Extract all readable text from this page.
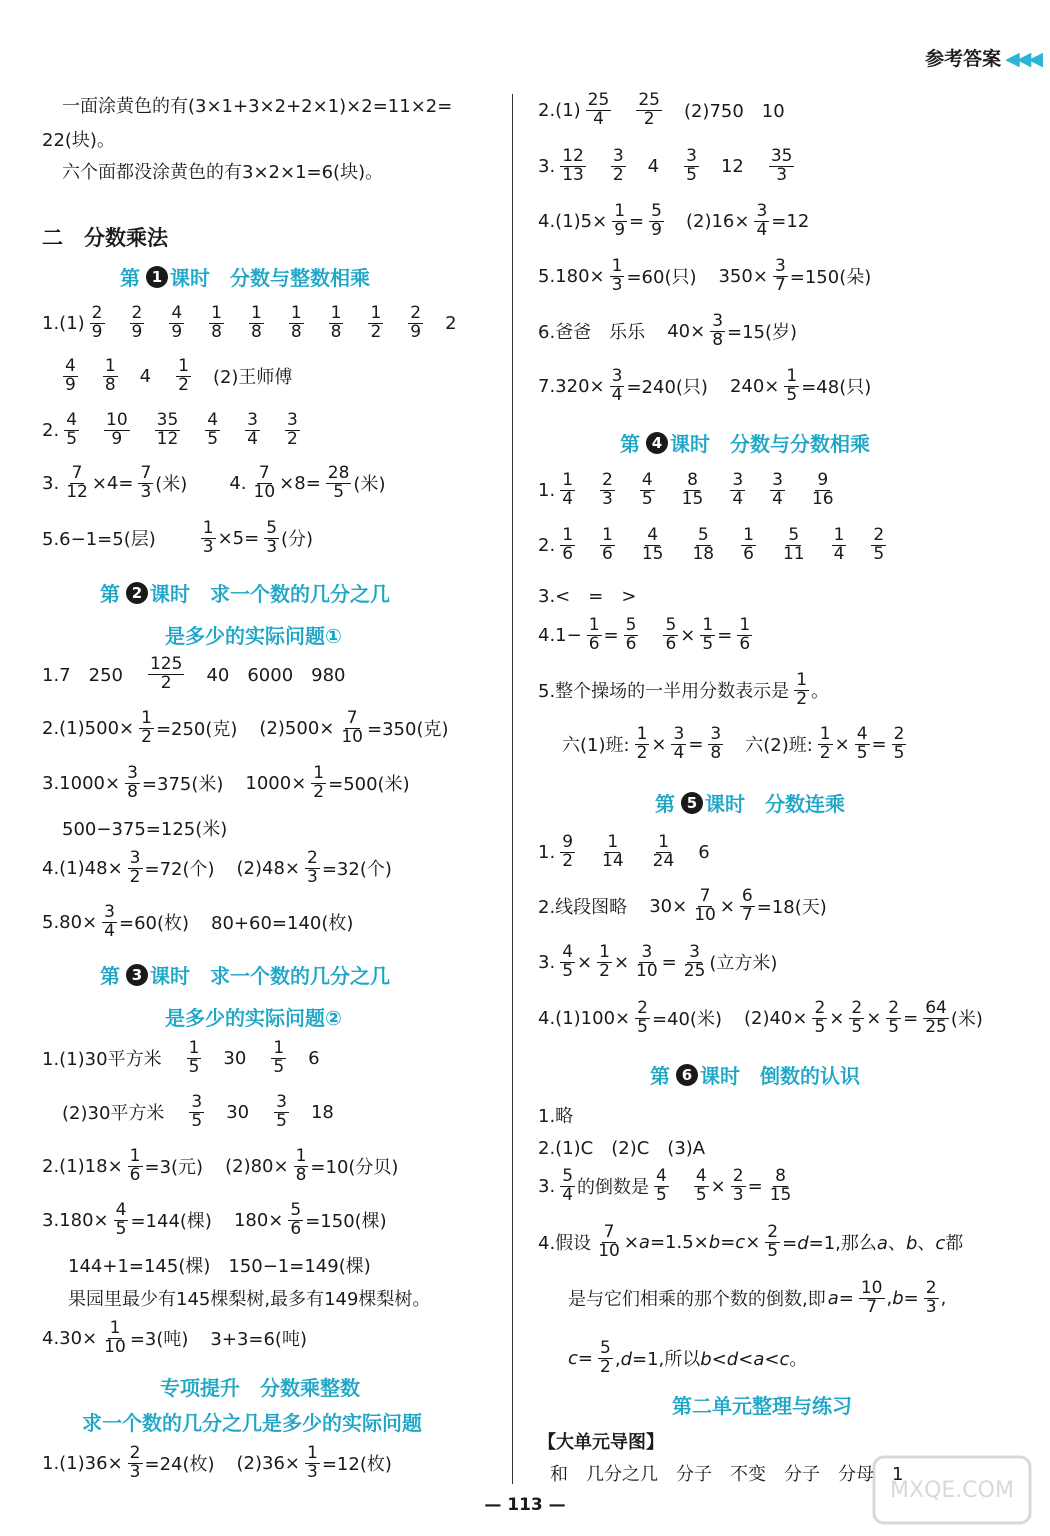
参考答案 ◀◀◀
一面涂黄色的有(3×1+3×2+2×1)×2=11×2=
22(块)。
六个面都没涂黄色的有3×2×1=6(块)。
二　分数乘法
第 1 课时　分数与整数相乘
1.(1) 2
9
2
9
4
9
1
8
1
8
1
8
1
8
1
2
2
9 2
4
9
1
8 4 1
2 (2)王师傅
2. 4
5
10
9
35
12
4
5
3
4
3
2
3. $\frac{7}{12} \times 4= \frac{7}{3}$ (米) 4. $\frac{7}{10} \times 8= \frac{28}{5}$ (米)
5.6−1=5(层)	$\frac{1}{3} \times 5= \frac{5}{3}$ (分)
第 2 课时　求一个数的几分之几
是多少的实际问题①
1.7　250
125
2 40　6000　980
$2.(1)500\times \frac{1}{2} =250$(克) $(2)500\times \frac{7}{10} =350$(克)
$3.1000\times \frac{3}{8} =375$(米) $1000\times \frac{1}{2} =500$(米)
500−375=125(米)
$4.(1)48\times \frac{3}{2} =72$(个) $(2)48\times \frac{2}{3} =32$(个)
$5.80\times \frac{3}{4} =60$(枚) 80+60=140(枚)
第 3 课时　求一个数的几分之几
是多少的实际问题②
1.(1)30平方米
1
5 30 1
5 6
(2)30平方米
3
5 30 3
5 18
$2.(1)18\times \frac{1}{6} =3$(元) $(2)80\times \frac{1}{8} =10$(分贝)
$3.180\times \frac{4}{5} =144$(棵) $180\times \frac{5}{6} =150$(棵)
144+1=145(棵)　150−1=149(棵)
果园里最少有145棵梨树,最多有149棵梨树。
$4.30\times \frac{1}{10} =3$(吨) 3+3=6(吨)
专项提升　分数乘整数
求一个数的几分之几是多少的实际问题
$1.(1)36\times \frac{2}{3} =24$(枚) $(2)36\times \frac{1}{3} =12$(枚)
2.(1) 25
4
25
2 (2)750　10
3. 12
13
3
2 4 3
5 12 35
3
$4.(1)5\times \frac{1}{9} = \frac{5}{9} (2)16\times \frac{3}{4} =12$
$5.180\times \frac{1}{3} =60$(只) $350\times \frac{3}{7} =150$(朵)
6.爸爸　乐乐 $40\times \frac{3}{8} =15$(岁)
$7.320\times \frac{3}{4} =240$(只) $240\times \frac{1}{5} =48$(只)
第 4 课时　分数与分数相乘
1. 1
4
2
3
4
5
8
15
3
4
3
4
9
16
2. 1
6
1
6
4
15
5
18
1
6
5
11
1
4
2
5
3.<　=　>
$4.1- \frac{1}{6} = \frac{5}{6} \frac{5}{6} \times \frac{1}{5} = \frac{1}{6}$
5.整个操场的一半用分数表示是
1
2 。
六(1)班: $\frac{1}{2} \times \frac{3}{4} = \frac{3}{8}$ 六(2)班: $\frac{1}{2} \times \frac{4}{5} = \frac{2}{5}$
第 5 课时　分数连乘
1. 9
2
1
14
1
24 6
2.线段图略 $30\times \frac{7}{10} \times \frac{6}{7} =18$(天)
3. $\frac{4}{5} \times \frac{1}{2} \times \frac{3}{10} = \frac{3}{25}$ (立方米)
$4.(1)100\times \frac{2}{5} =40$(米) $(2)40\times \frac{2}{5} \times \frac{2}{5} \times \frac{2}{5} = \frac{64}{25}$ (米)
第 6 课时　倒数的认识
1.略
2.(1)C　(2)C　(3)A
3. 5
4 的倒数是
4
$5 \frac{4}{5} \times \frac{2}{3} = \frac{8}{15}$
4.假设 $\frac{7}{10} \times a=1.5\times b=c\times \frac{2}{5} =d=1$,那么a、b、c都
是与它们相乘的那个数的倒数,即 $a= \frac{10}{7} ,b= \frac{2}{3}$ ,
$c= \frac{5}{2} ,d=1$,所以b<d<a<c。
第二单元整理与练习
【大单元导图】
和　几分之几　分子　不变　分子　分母　1
MXQE.COM
— 113 —
